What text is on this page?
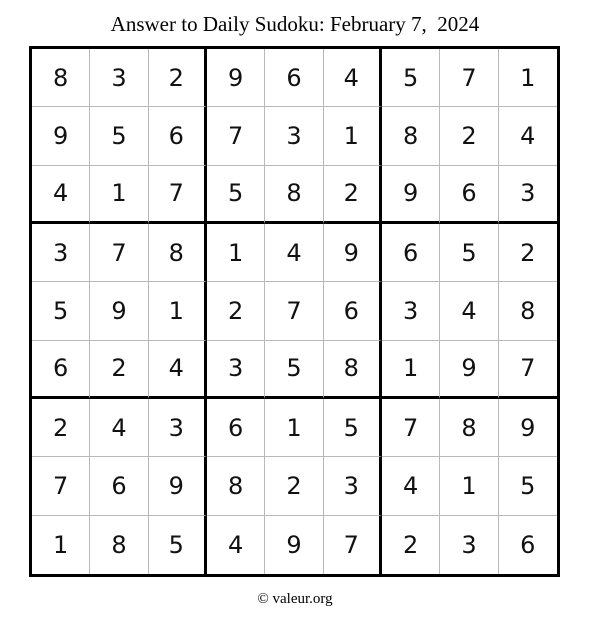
Answer to Daily Sudoku: February 7,  2024
8	3	2	9	6	4	5	7	1
9	5	6	7	3	1	8	2	4
4	1	7	5	8	2	9	6	3
3	7	8	1	4	9	6	5	2
5	9	1	2	7	6	3	4	8
6	2	4	3	5	8	1	9	7
2	4	3	6	1	5	7	8	9
7	6	9	8	2	3	4	1	5
1	8	5	4	9	7	2	3	6
© valeur.org
